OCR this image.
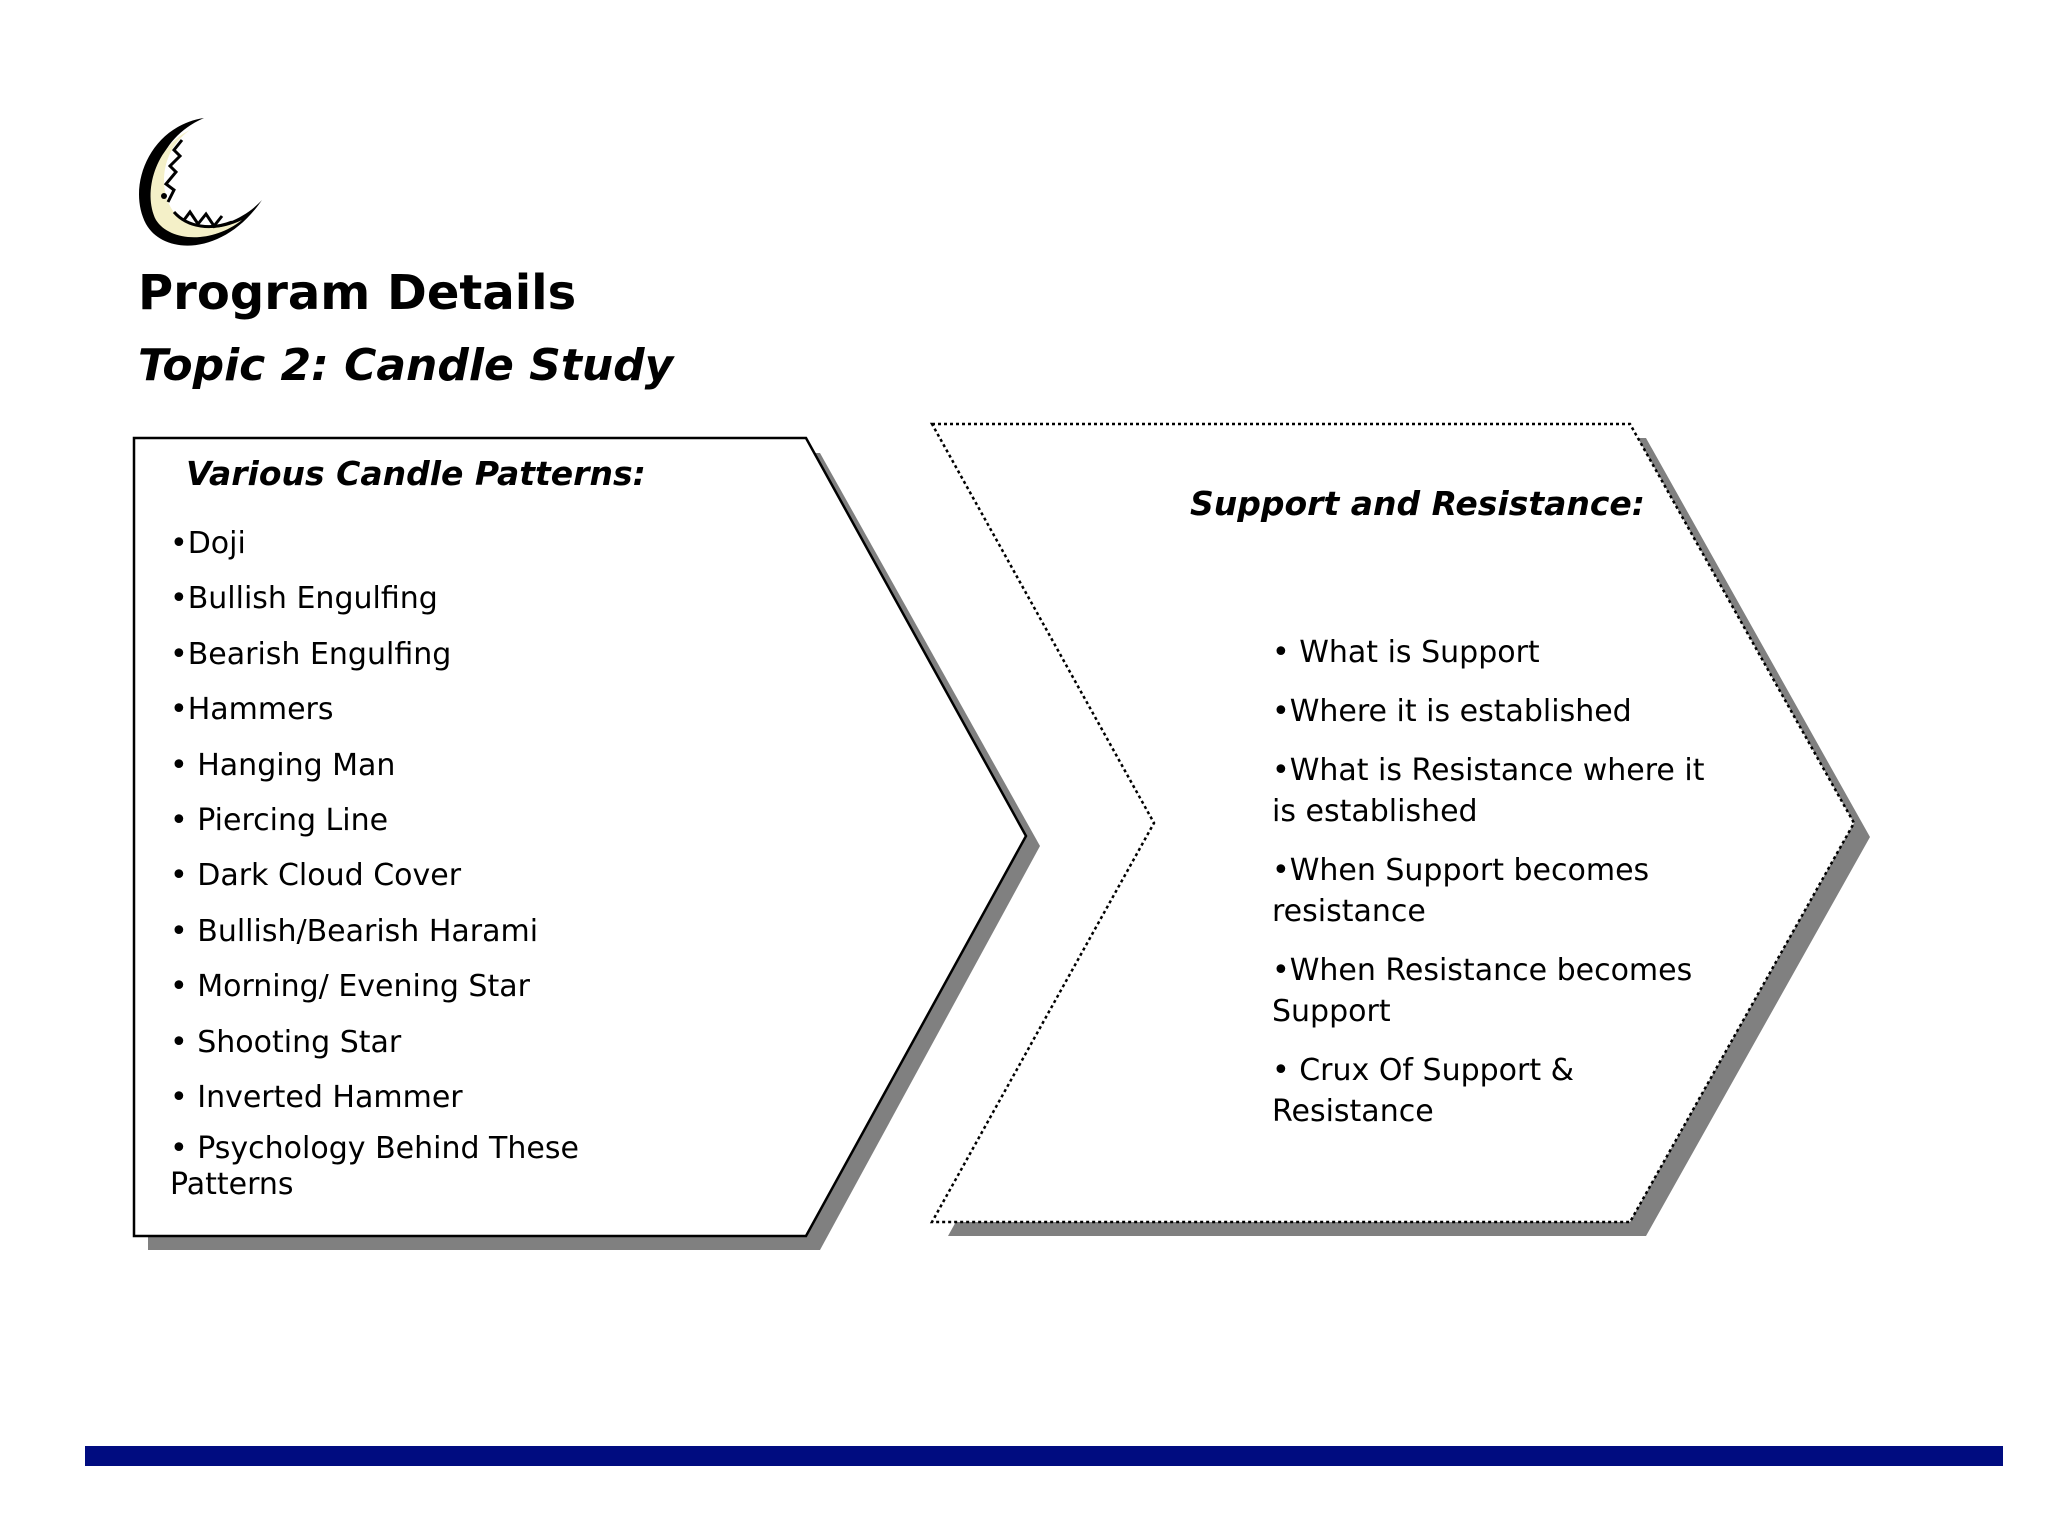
Program Details
Topic 2: Candle Study
Various Candle Patterns:
•Doji
•Bullish Engulfing
•Bearish Engulfing
•Hammers
• Hanging Man
• Piercing Line
• Dark Cloud Cover
• Bullish/Bearish Harami
• Morning/ Evening Star
• Shooting Star
• Inverted Hammer
• Psychology Behind These Patterns
Support and Resistance:
• What is Support
•Where it is established
•What is Resistance where it is established
•When Support becomes resistance
•When Resistance becomes Support
• Crux Of Support & Resistance
